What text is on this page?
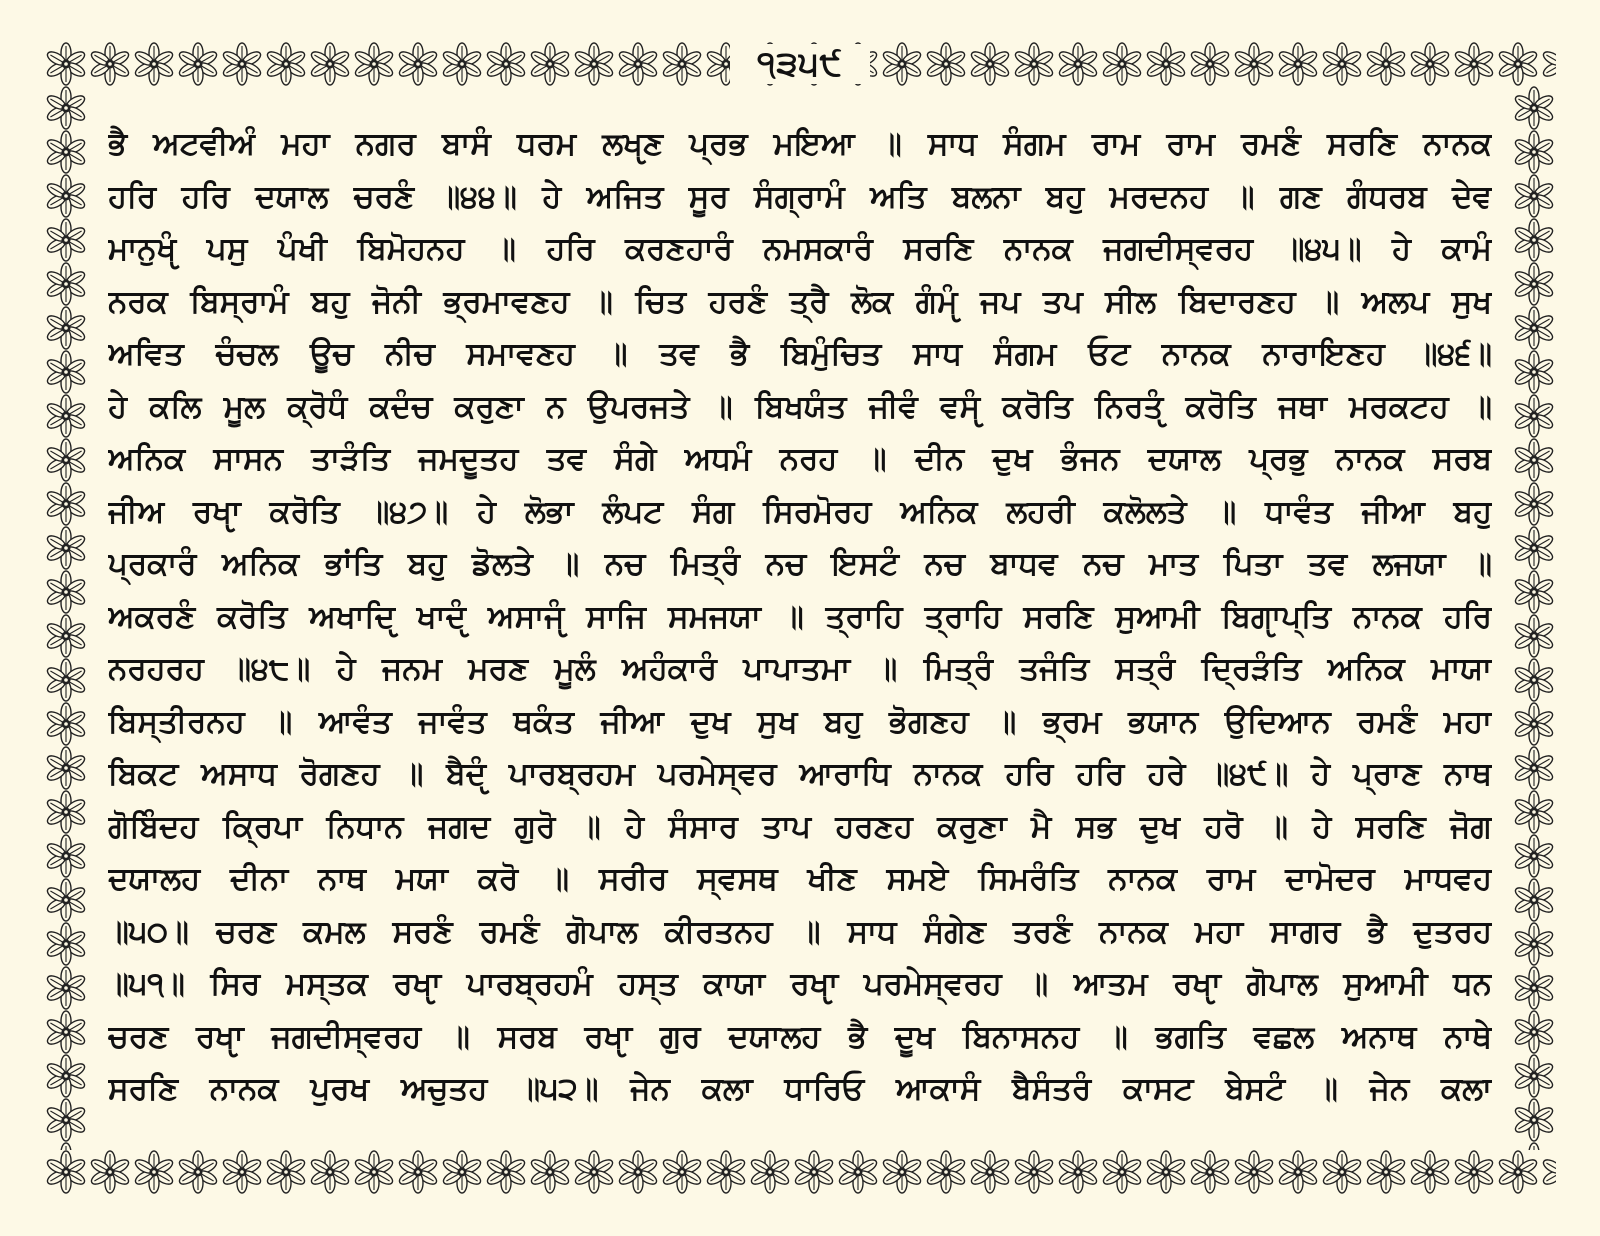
੧੩੫੯
ਭੈ ਅਟਵੀਅੰ ਮਹਾ ਨਗਰ ਬਾਸੰ ਧਰਮ ਲਖੵਣ ਪ੍ਰਭ ਮਇਆ ॥ ਸਾਧ ਸੰਗਮ ਰਾਮ ਰਾਮ ਰਮਣੰ ਸਰਣਿ ਨਾਨਕ
ਹਰਿ ਹਰਿ ਦਯਾਲ ਚਰਣੰ ॥੪੪॥ ਹੇ ਅਜਿਤ ਸੂਰ ਸੰਗ੍ਰਾਮੰ ਅਤਿ ਬਲਨਾ ਬਹੁ ਮਰਦਨਹ ॥ ਗਣ ਗੰਧਰਬ ਦੇਵ
ਮਾਨੁਖੵੰ ਪਸੁ ਪੰਖੀ ਬਿਮੋਹਨਹ ॥ ਹਰਿ ਕਰਣਹਾਰੰ ਨਮਸਕਾਰੰ ਸਰਣਿ ਨਾਨਕ ਜਗਦੀਸ੍ਵਰਹ ॥੪੫॥ ਹੇ ਕਾਮੰ
ਨਰਕ ਬਿਸ੍ਰਾਮੰ ਬਹੁ ਜੋਨੀ ਭ੍ਰਮਾਵਣਹ ॥ ਚਿਤ ਹਰਣੰ ਤ੍ਰੈ ਲੋਕ ਗੰਮੵੰ ਜਪ ਤਪ ਸੀਲ ਬਿਦਾਰਣਹ ॥ ਅਲਪ ਸੁਖ
ਅਵਿਤ ਚੰਚਲ ਊਚ ਨੀਚ ਸਮਾਵਣਹ ॥ ਤਵ ਭੈ ਬਿਮੁੰਚਿਤ ਸਾਧ ਸੰਗਮ ਓਟ ਨਾਨਕ ਨਾਰਾਇਣਹ ॥੪੬॥
ਹੇ ਕਲਿ ਮੂਲ ਕ੍ਰੋਧੰ ਕਦੰਚ ਕਰੁਣਾ ਨ ਉਪਰਜਤੇ ॥ ਬਿਖਯੰਤ ਜੀਵੰ ਵਸੵੰ ਕਰੋਤਿ ਨਿਰਤੵੰ ਕਰੋਤਿ ਜਥਾ ਮਰਕਟਹ ॥
ਅਨਿਕ ਸਾਸਨ ਤਾੜੰਤਿ ਜਮਦੂਤਹ ਤਵ ਸੰਗੇ ਅਧਮੰ ਨਰਹ ॥ ਦੀਨ ਦੁਖ ਭੰਜਨ ਦਯਾਲ ਪ੍ਰਭੁ ਨਾਨਕ ਸਰਬ
ਜੀਅ ਰਖੵਾ ਕਰੋਤਿ ॥੪੭॥ ਹੇ ਲੋਭਾ ਲੰਪਟ ਸੰਗ ਸਿਰਮੋਰਹ ਅਨਿਕ ਲਹਰੀ ਕਲੋਲਤੇ ॥ ਧਾਵੰਤ ਜੀਆ ਬਹੁ
ਪ੍ਰਕਾਰੰ ਅਨਿਕ ਭਾਂਤਿ ਬਹੁ ਡੋਲਤੇ ॥ ਨਚ ਮਿਤ੍ਰੰ ਨਚ ਇਸਟੰ ਨਚ ਬਾਧਵ ਨਚ ਮਾਤ ਪਿਤਾ ਤਵ ਲਜਯਾ ॥
ਅਕਰਣੰ ਕਰੋਤਿ ਅਖਾਦੵਿ ਖਾਦੵੰ ਅਸਾਜੵੰ ਸਾਜਿ ਸਮਜਯਾ ॥ ਤ੍ਰਾਹਿ ਤ੍ਰਾਹਿ ਸਰਣਿ ਸੁਆਮੀ ਬਿਗੵਾਪ੍ਤਿ ਨਾਨਕ ਹਰਿ
ਨਰਹਰਹ ॥੪੮॥ ਹੇ ਜਨਮ ਮਰਣ ਮੂਲੰ ਅਹੰਕਾਰੰ ਪਾਪਾਤਮਾ ॥ ਮਿਤ੍ਰੰ ਤਜੰਤਿ ਸਤ੍ਰੰ ਦ੍ਰਿੜੰਤਿ ਅਨਿਕ ਮਾਯਾ
ਬਿਸ੍ਤੀਰਨਹ ॥ ਆਵੰਤ ਜਾਵੰਤ ਥਕੰਤ ਜੀਆ ਦੁਖ ਸੁਖ ਬਹੁ ਭੋਗਣਹ ॥ ਭ੍ਰਮ ਭਯਾਨ ਉਦਿਆਨ ਰਮਣੰ ਮਹਾ
ਬਿਕਟ ਅਸਾਧ ਰੋਗਣਹ ॥ ਬੈਦੵੰ ਪਾਰਬ੍ਰਹਮ ਪਰਮੇਸ੍ਵਰ ਆਰਾਧਿ ਨਾਨਕ ਹਰਿ ਹਰਿ ਹਰੇ ॥੪੯॥ ਹੇ ਪ੍ਰਾਣ ਨਾਥ
ਗੋਬਿੰਦਹ ਕ੍ਰਿਪਾ ਨਿਧਾਨ ਜਗਦ ਗੁਰੋ ॥ ਹੇ ਸੰਸਾਰ ਤਾਪ ਹਰਣਹ ਕਰੁਣਾ ਮੈ ਸਭ ਦੁਖ ਹਰੋ ॥ ਹੇ ਸਰਣਿ ਜੋਗ
ਦਯਾਲਹ ਦੀਨਾ ਨਾਥ ਮਯਾ ਕਰੋ ॥ ਸਰੀਰ ਸ੍ਵਸਥ ਖੀਣ ਸਮਏ ਸਿਮਰੰਤਿ ਨਾਨਕ ਰਾਮ ਦਾਮੋਦਰ ਮਾਧਵਹ
॥੫੦॥ ਚਰਣ ਕਮਲ ਸਰਣੰ ਰਮਣੰ ਗੋਪਾਲ ਕੀਰਤਨਹ ॥ ਸਾਧ ਸੰਗੇਣ ਤਰਣੰ ਨਾਨਕ ਮਹਾ ਸਾਗਰ ਭੈ ਦੁਤਰਹ
॥੫੧॥ ਸਿਰ ਮਸ੍ਤਕ ਰਖੵਾ ਪਾਰਬ੍ਰਹਮੰ ਹਸ੍ਤ ਕਾਯਾ ਰਖੵਾ ਪਰਮੇਸ੍ਵਰਹ ॥ ਆਤਮ ਰਖੵਾ ਗੋਪਾਲ ਸੁਆਮੀ ਧਨ
ਚਰਣ ਰਖੵਾ ਜਗਦੀਸ੍ਵਰਹ ॥ ਸਰਬ ਰਖੵਾ ਗੁਰ ਦਯਾਲਹ ਭੈ ਦੂਖ ਬਿਨਾਸਨਹ ॥ ਭਗਤਿ ਵਛਲ ਅਨਾਥ ਨਾਥੇ
ਸਰਣਿ ਨਾਨਕ ਪੁਰਖ ਅਚੁਤਹ ॥੫੨॥ ਜੇਨ ਕਲਾ ਧਾਰਿਓ ਆਕਾਸੰ ਬੈਸੰਤਰੰ ਕਾਸਟ ਬੇਸਟੰ ॥ ਜੇਨ ਕਲਾ
